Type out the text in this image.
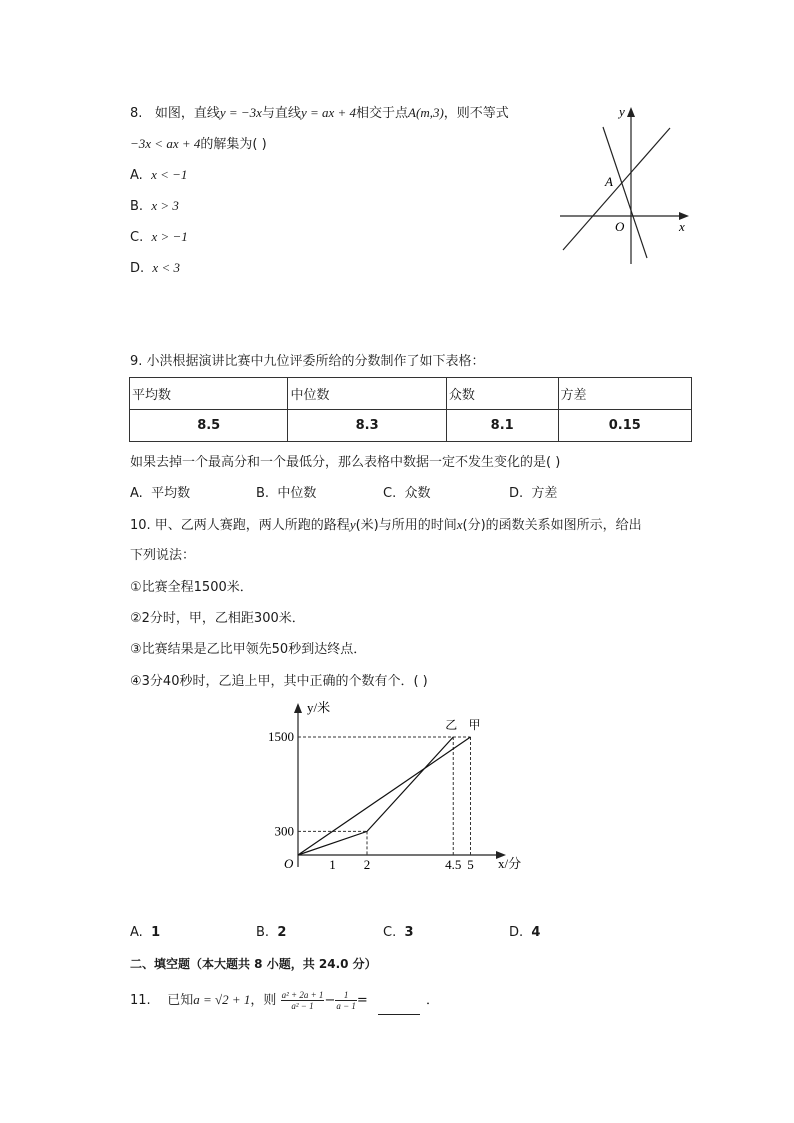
8. 如图，直线y = −3x与直线y = ax + 4相交于点A(m,3)，则不等式
−3x < ax + 4的解集为( )
A. x < −1
B. x > 3
C. x > −1
D. x < 3
y
x
O
A
9. 小洪根据演讲比赛中九位评委所给的分数制作了如下表格：
平均数	中位数	众数	方差
8.5	8.3	8.1	0.15
如果去掉一个最高分和一个最低分，那么表格中数据一定不发生变化的是( )
A. 平均数	B. 中位数	C. 众数	D. 方差
10. 甲、乙两人赛跑，两人所跑的路程y(米)与所用的时间x(分)的函数关系如图所示，给出
下列说法：
①比赛全程1500米．
②2分时，甲，乙相距300米．
③比赛结果是乙比甲领先50秒到达终点．
④3分40秒时，乙追上甲，其中正确的个数有个．( )
y/米
x/分
O
1500
300
1 2	4.5 5
乙 甲
A. 1	B. 2	C. 3	D. 4
二、填空题（本大题共 8 小题，共 24.0 分）
11. 已知a = √2 + 1，则 $\frac{\text{a² + 2a + 1}}{\text{a² − 1}} - \frac{1}{a - 1}$ =	．
